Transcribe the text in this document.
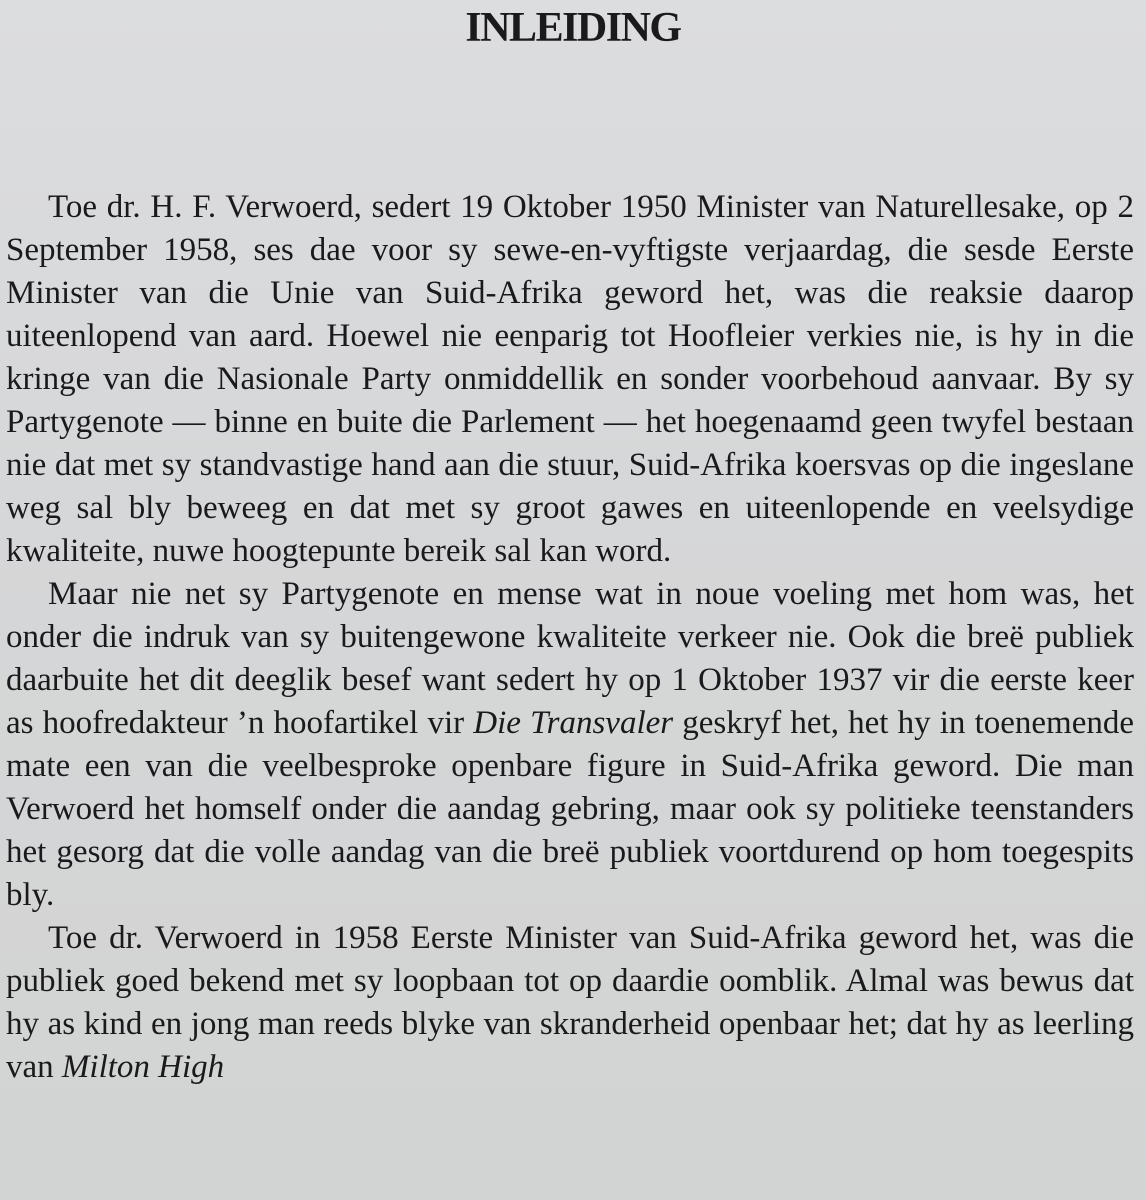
INLEIDING

Toe dr. H. F. Verwoerd, sedert 19 Oktober 1950 Minister van Naturellesake, op 2 September 1958, ses dae voor sy sewe-en-vyftigste verjaardag, die sesde Eerste Minister van die Unie van Suid-Afrika geword het, was die reaksie daarop uiteenlopend van aard. Hoewel nie eenparig tot Hoofleier verkies nie, is hy in die kringe van die Nasionale Party onmiddellik en sonder voorbehoud aanvaar. By sy Partygenote — binne en buite die Parlement — het hoegenaamd geen twyfel bestaan nie dat met sy standvastige hand aan die stuur, Suid-Afrika koersvas op die ingeslane weg sal bly beweeg en dat met sy groot gawes en uiteenlopende en veelsydige kwaliteite, nuwe hoogtepunte bereik sal kan word.

Maar nie net sy Partygenote en mense wat in noue voeling met hom was, het onder die indruk van sy buitengewone kwaliteite verkeer nie. Ook die breë publiek daarbuite het dit deeglik besef want sedert hy op 1 Oktober 1937 vir die eerste keer as hoofredakteur ’n hoofartikel vir Die Transvaler geskryf het, het hy in toenemende mate een van die veelbesproke openbare figure in Suid-Afrika geword. Die man Verwoerd het homself onder die aandag gebring, maar ook sy politieke teenstanders het gesorg dat die volle aandag van die breë publiek voortdurend op hom toegespits bly.

Toe dr. Verwoerd in 1958 Eerste Minister van Suid-Afrika geword het, was die publiek goed bekend met sy loopbaan tot op daardie oomblik. Almal was bewus dat hy as kind en jong man reeds blyke van skranderheid openbaar het; dat hy as leerling van Milton High
